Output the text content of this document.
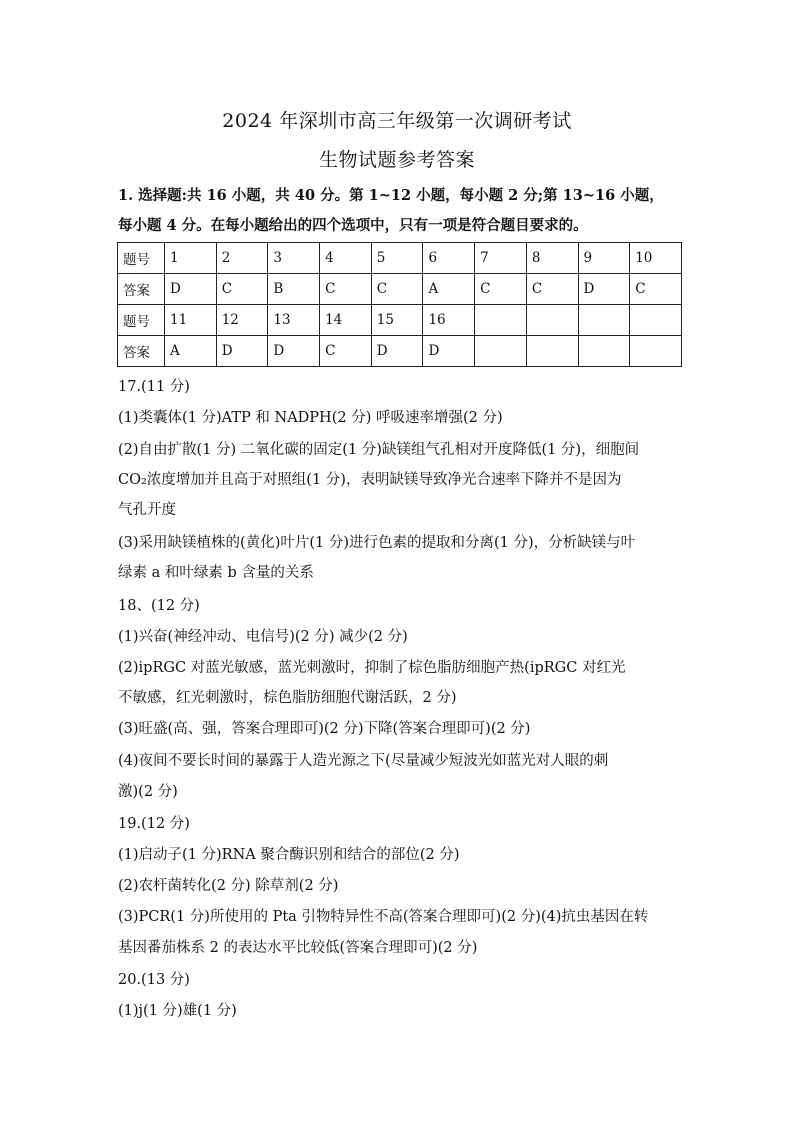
2024 年深圳市高三年级第一次调研考试
生物试题参考答案
1. 选择题:共 16 小题，共 40 分。第 1~12 小题，每小题 2 分;第 13~16 小题，
每小题 4 分。在每小题给出的四个选项中，只有一项是符合题目要求的。
题号	1	2	3	4	5	6	7	8	9	10
答案	D	C	B	C	C	A	C	C	D	C
题号	11	12	13	14	15	16				
答案	A	D	D	C	D	D				
17.(11 分)
(1)类囊体(1 分)ATP 和 NADPH(2 分) 呼吸速率增强(2 分)
(2)自由扩散(1 分) 二氧化碳的固定(1 分)缺镁组气孔相对开度降低(1 分)，细胞间
CO₂浓度增加并且高于对照组(1 分)，表明缺镁导致净光合速率下降并不是因为
气孔开度
(3)采用缺镁植株的(黄化)叶片(1 分)进行色素的提取和分离(1 分)，分析缺镁与叶
绿素 a 和叶绿素 b 含量的关系
18、(12 分)
(1)兴奋(神经冲动、电信号)(2 分) 减少(2 分)
(2)ipRGC 对蓝光敏感，蓝光刺激时，抑制了棕色脂肪细胞产热(ipRGC 对红光
不敏感，红光刺激时，棕色脂肪细胞代谢活跃，2 分)
(3)旺盛(高、强，答案合理即可)(2 分)下降(答案合理即可)(2 分)
(4)夜间不要长时间的暴露于人造光源之下(尽量减少短波光如蓝光对人眼的刺
激)(2 分)
19.(12 分)
(1)启动子(1 分)RNA 聚合酶识别和结合的部位(2 分)
(2)农杆菌转化(2 分) 除草剂(2 分)
(3)PCR(1 分)所使用的 Pta 引物特异性不高(答案合理即可)(2 分)(4)抗虫基因在转
基因番茄株系 2 的表达水平比较低(答案合理即可)(2 分)
20.(13 分)
(1)j(1 分)雄(1 分)
